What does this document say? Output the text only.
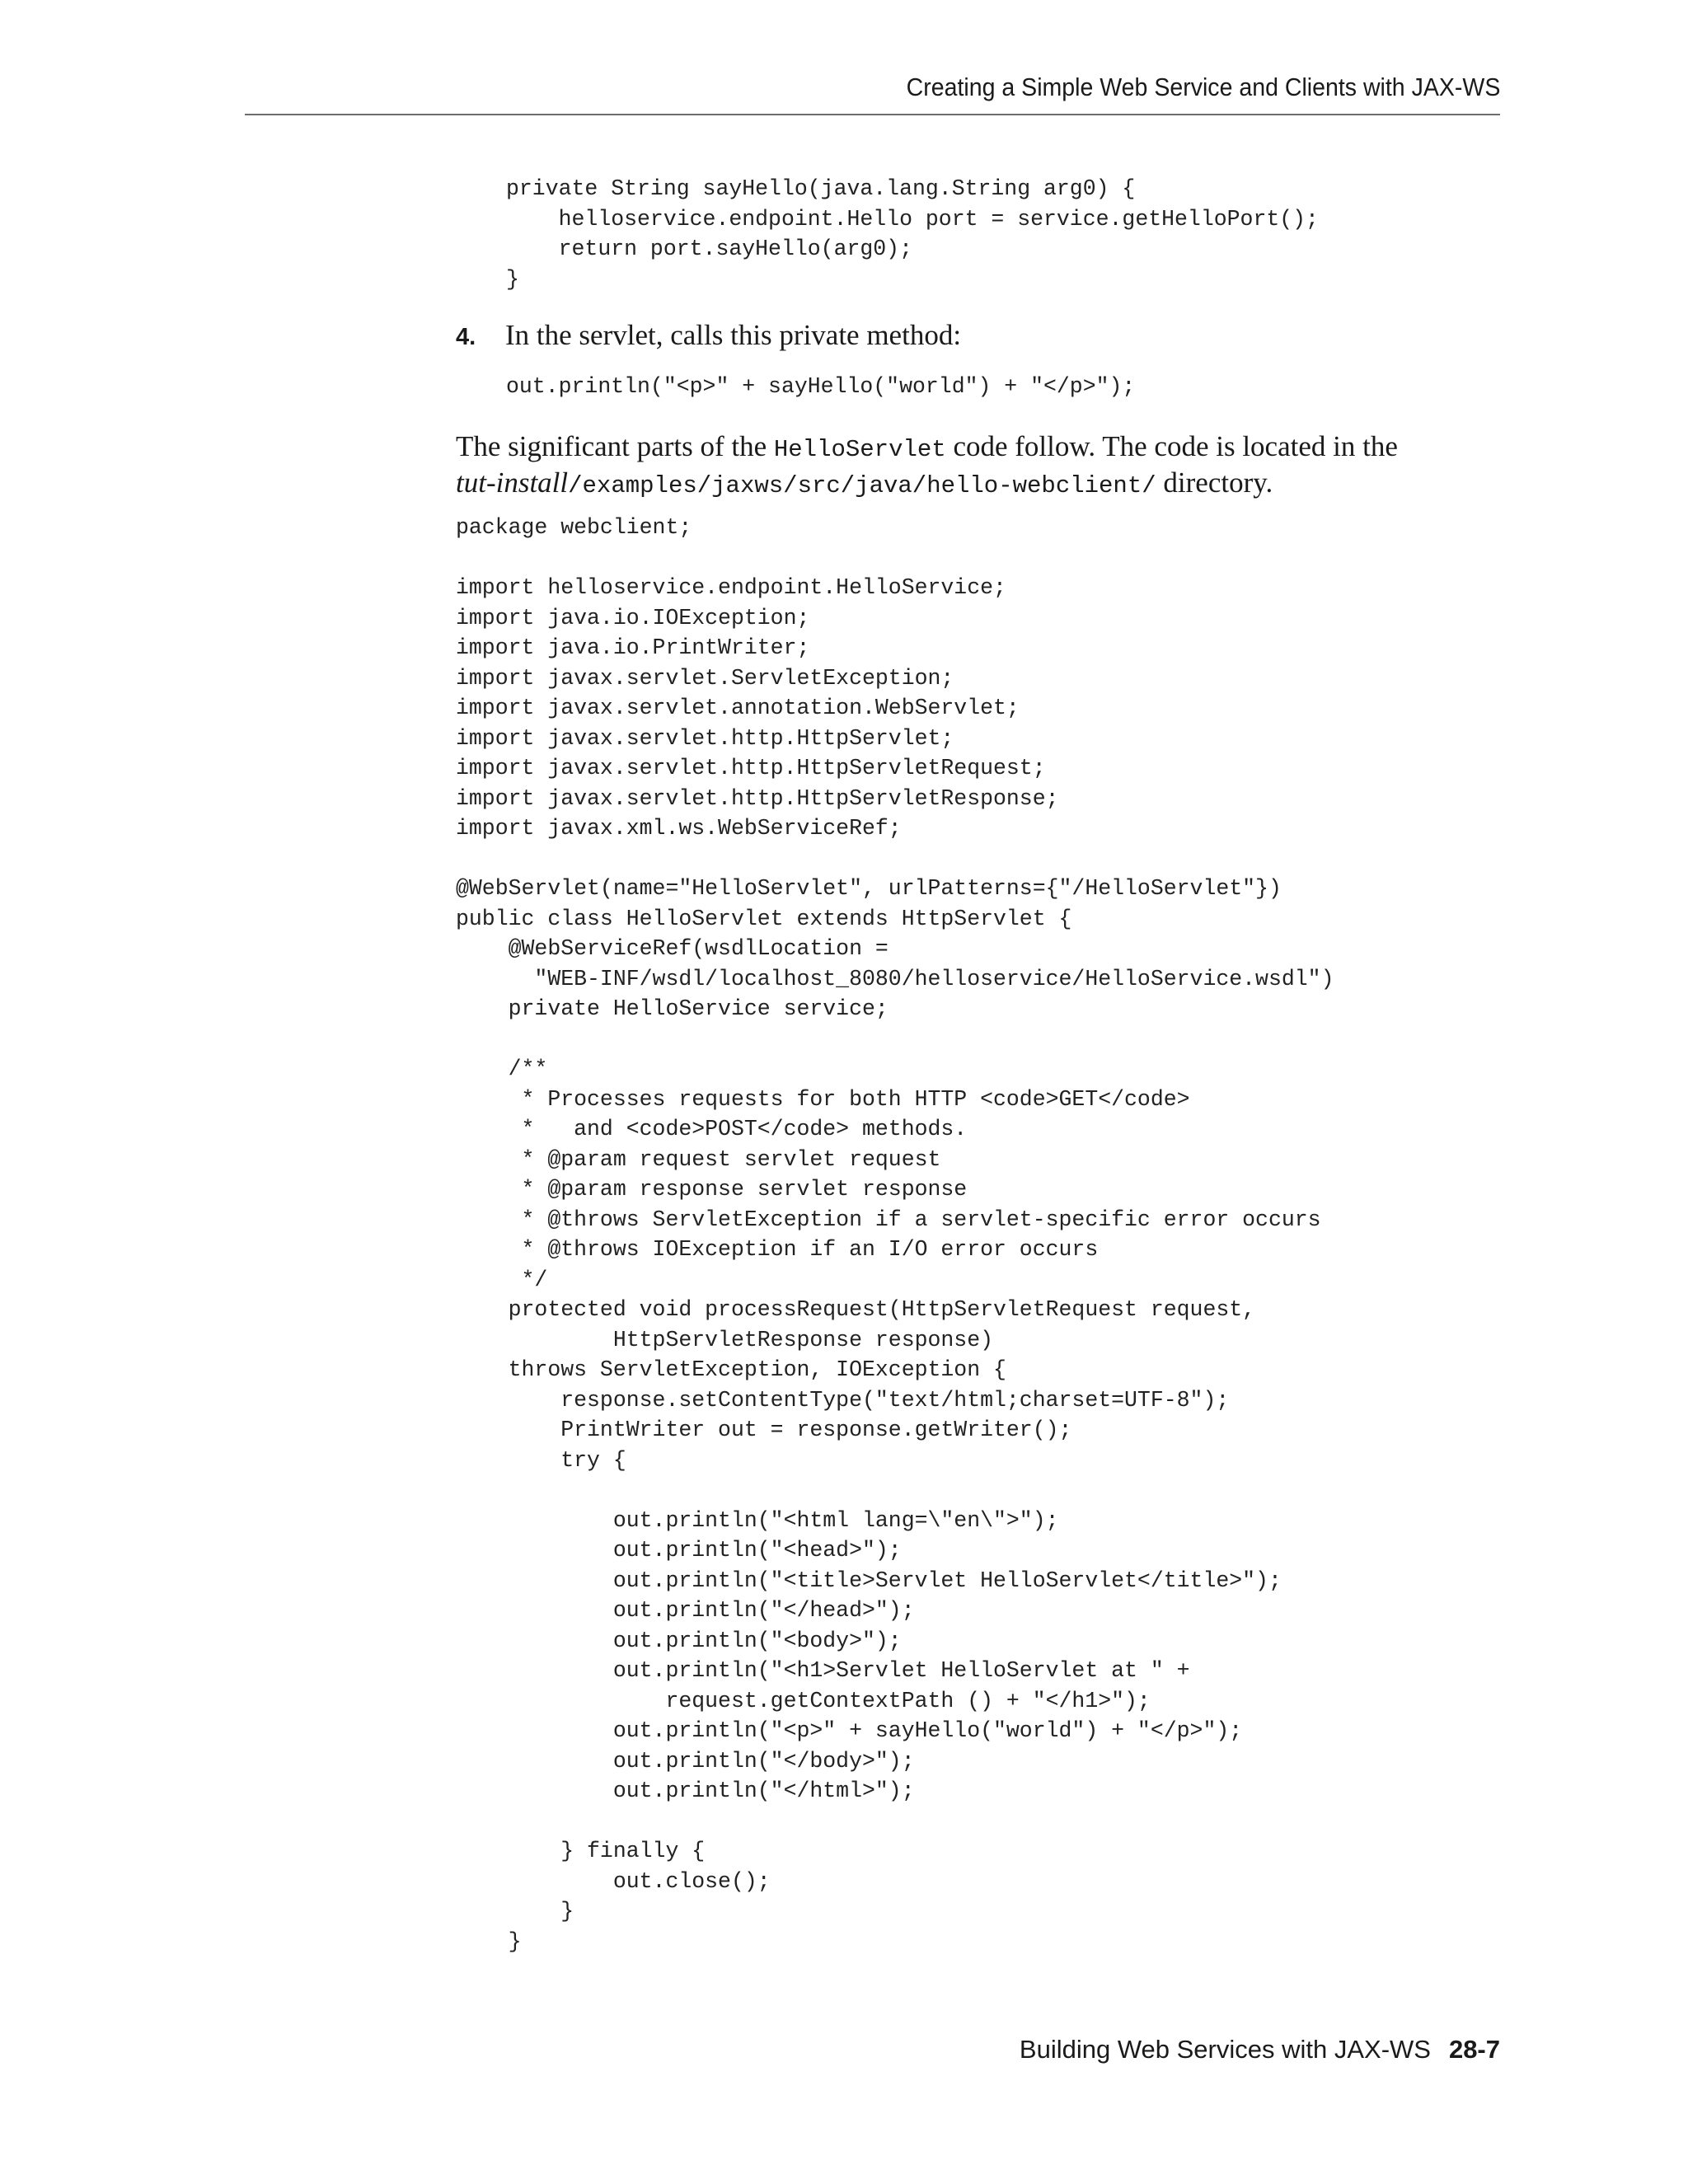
Creating a Simple Web Service and Clients with JAX-WS
private String sayHello(java.lang.String arg0) {
helloservice.endpoint.Hello port = service.getHelloPort();
return port.sayHello(arg0);
}
4. In the servlet, calls this private method:
out.println("<p>" + sayHello("world") + "</p>");
The significant parts of the HelloServlet code follow. The code is located in the
tut-install/examples/jaxws/src/java/hello-webclient/ directory.
package webclient;

import helloservice.endpoint.HelloService;
import java.io.IOException;
import java.io.PrintWriter;
import javax.servlet.ServletException;
import javax.servlet.annotation.WebServlet;
import javax.servlet.http.HttpServlet;
import javax.servlet.http.HttpServletRequest;
import javax.servlet.http.HttpServletResponse;
import javax.xml.ws.WebServiceRef;

@WebServlet(name="HelloServlet", urlPatterns={"/HelloServlet"})
public class HelloServlet extends HttpServlet {
@WebServiceRef(wsdlLocation =
"WEB-INF/wsdl/localhost_8080/helloservice/HelloService.wsdl")
private HelloService service;

/**
* Processes requests for both HTTP <code>GET</code>
*   and <code>POST</code> methods.
* @param request servlet request
* @param response servlet response
* @throws ServletException if a servlet-specific error occurs
* @throws IOException if an I/O error occurs
*/
protected void processRequest(HttpServletRequest request,
HttpServletResponse response)
throws ServletException, IOException {
response.setContentType("text/html;charset=UTF-8");
PrintWriter out = response.getWriter();
try {

out.println("<html lang=\"en\">");
out.println("<head>");
out.println("<title>Servlet HelloServlet</title>");
out.println("</head>");
out.println("<body>");
out.println("<h1>Servlet HelloServlet at " +
request.getContextPath () + "</h1>");
out.println("<p>" + sayHello("world") + "</p>");
out.println("</body>");
out.println("</html>");

} finally {
out.close();
}
}
Building Web Services with JAX-WS 28-7
